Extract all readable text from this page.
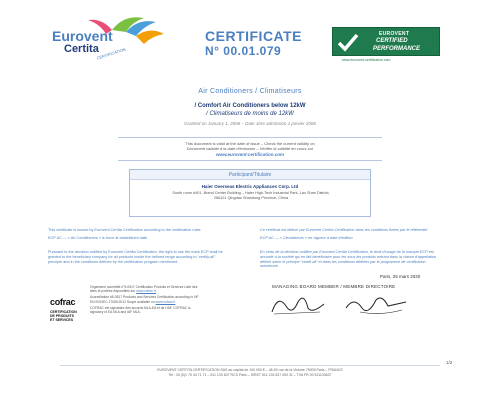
Eurovent
Certita
CERTIFICATION
CERTIFICATE
N° 00.01.079
EUROVENT
CERTIFIED
PERFORMANCE
www.eurovent-certification.com
Air Conditioners / Climatiseurs
/ Comfort Air Conditioners below 12kW
/ Climatiseurs de moins de 12kW
Granted on January 1, 2006 – Date 1ère admission 1 janvier 2006
This document is valid at the date of issue – Check the current validity on
Document valable à la date d'émission – Vérifier la validité en cours sur
www.eurovent-certification.com
Participant/Titulaire
Haier Overseas Electric Appliances Corp. Ltd
South room #401, Brand Center Building – Haier High-Tech Industrial Park, Lao Shan District,
266101 Qingdao Shandong Province, China
This certificate is issued by Eurovent Certita Certification according to the certification rules
ECP AC — « Air Conditioners » is force at established date.
Pursuant to the decision notified by Eurovent Certita Certification, the right to use the mark ECP shall be granted to the beneficiary company for all products inside the defined range according to “certify-all” principle and in the conditions defined by the certification program mentioned.
Ce certificat est délivré par Eurovent Certita Certification dans les conditions fixées par le référentiel
ECP AC — « Climatiseurs » en vigueur à date d'édition.
En vertu de la décision notifiée par Eurovent Certita Certification, le droit d'usage de la marque ECP est accordé à la société qui en fait bénéficiaire pour les sous les produits entrant dans la classe d'appellation définie selon le principe “certifi-all” et dans les conditions définies par le programme de certification mentionné.
cofrac
CERTIFICATION
DE PRODUITS
ET SERVICES
Organisme accrédité n°5-0517 Certification Produits et Services Liste des sites et portées disponibles sur www.cofrac.fr
Accreditation #5-0517 Products and Services Certification according to NF EN ISO/IEC 17065:2012 Scope available on www.cofrac.fr
COFRAC est signataire des accords MLA-EA et de l'IAF. COFRAC is signatory of EA MLA and IAF MLA.
Paris, 25 mars 2020
MANAGING BOARD MEMBER / MEMBRE DIRECTOIRE
1/2
EUROVENT CERTITA CERTIFICATION SAS au capital de 100 000 € – 48-50 rue de la Victoire 75009 Paris – FRANCE
Tel : 33 (0)1 75 44 71 71 – 511 133 637 RCS Paris – SIRET 511 133 637 000 31 – TVA FR 00 511133637
